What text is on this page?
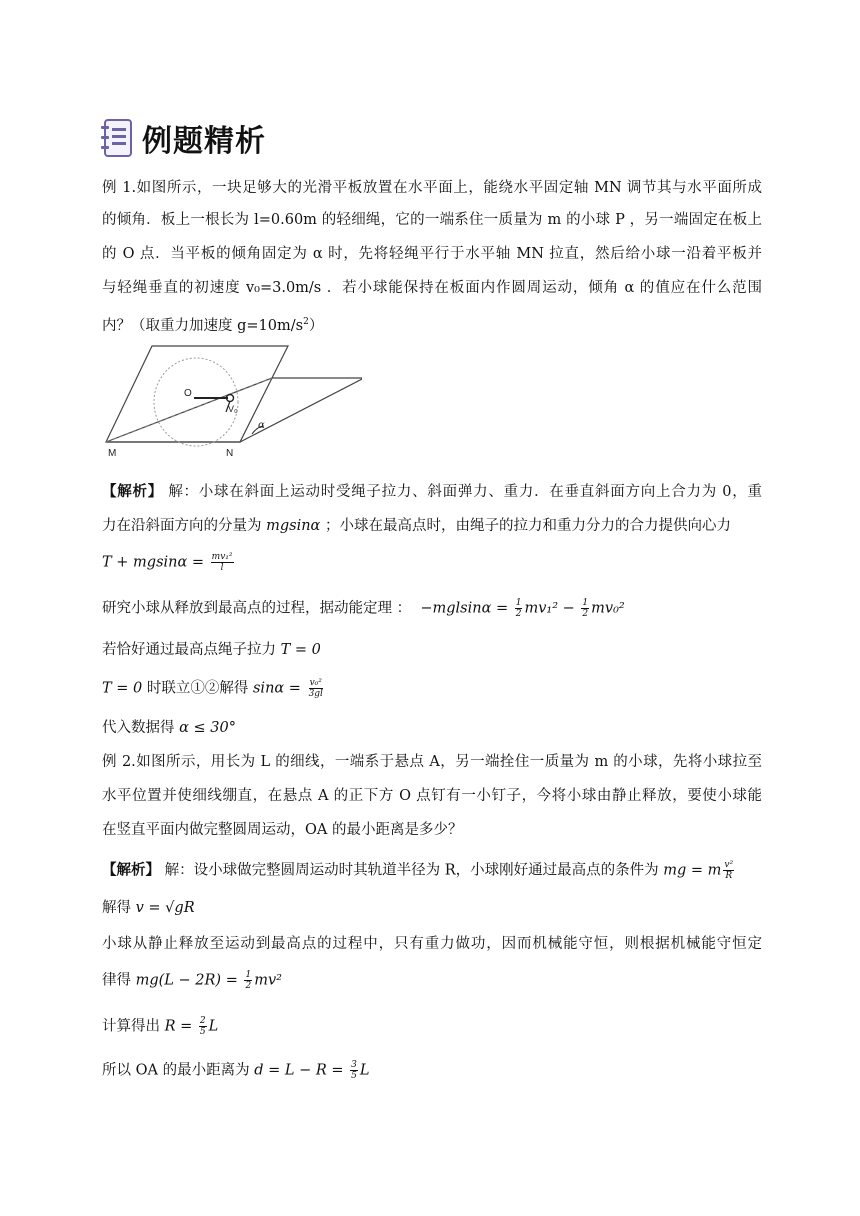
例题精析
例 1.如图所示，一块足够大的光滑平板放置在水平面上，能绕水平固定轴 MN 调节其与水平面所成
的倾角．板上一根长为 l=0.60m 的轻细绳，它的一端系住一质量为 m 的小球 P ，另一端固定在板上
的 O 点．当平板的倾角固定为 α 时，先将轻绳平行于水平轴 MN 拉直，然后给小球一沿着平板并
与轻绳垂直的初速度 v₀=3.0m/s ．若小球能保持在板面内作圆周运动，倾角 α 的值应在什么范围
内？（取重力加速度 $g=10m/s^2$）
O
V₀
α
M	N
【解析】 解：小球在斜面上运动时受绳子拉力、斜面弹力、重力．在垂直斜面方向上合力为 0，重
力在沿斜面方向的分量为 mgsinα ；小球在最高点时，由绳子的拉力和重力分力的合力提供向心力
$T + mgsin\alpha = \frac{\text{mv₁²}}{l}$
研究小球从释放到最高点的过程，据动能定理 ： $-mglsin\alpha = \frac{1}{2} mv_1^2 - \frac{1}{2} mv_0^2$
若恰好通过最高点绳子拉力 T = 0
T = 0 时联立①②解得 $\sin\alpha = \frac{\text{v₀²}}{3gl}$
代入数据得 α ≤ 30°
例 2.如图所示，用长为 L 的细线，一端系于悬点 A，另一端拴住一质量为 m 的小球，先将小球拉至
水平位置并使细线绷直，在悬点 A 的正下方 O 点钉有一小钉子，今将小球由静止释放，要使小球能
在竖直平面内做完整圆周运动，OA 的最小距离是多少？
【解析】 解：设小球做完整圆周运动时其轨道半径为 R，小球刚好通过最高点的条件为 mg = m $\frac{\text{v²}}{R}$
解得 v = √gR
小球从静止释放至运动到最高点的过程中，只有重力做功，因而机械能守恒，则根据机械能守恒定
律得 $mg(L - 2R) = \frac{1}{2} mv^2$
计算得出 $R = \frac{2}{5}$ L
所以 OA 的最小距离为 $d = L - R = \frac{3}{5}$ L
